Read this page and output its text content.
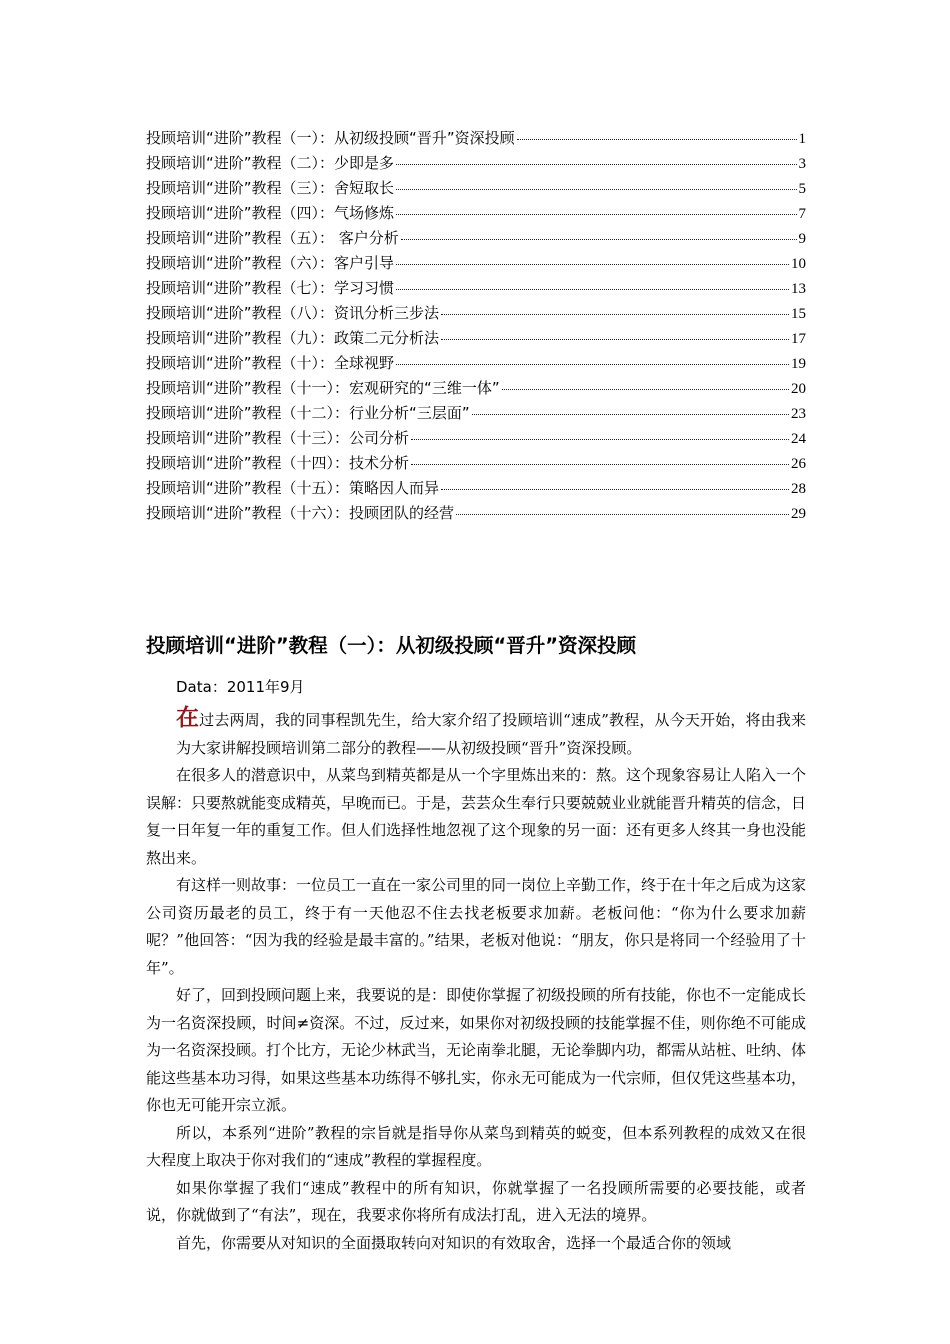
投顾培训“进阶”教程（一）：从初级投顾“晋升”资深投顾	1
投顾培训“进阶”教程（二）：少即是多	3
投顾培训“进阶”教程（三）：舍短取长	5
投顾培训“进阶”教程（四）：气场修炼	7
投顾培训“进阶”教程（五）： 客户分析	9
投顾培训“进阶”教程（六）：客户引导	10
投顾培训“进阶”教程（七）：学习习惯	13
投顾培训“进阶”教程（八）：资讯分析三步法	15
投顾培训“进阶”教程（九）：政策二元分析法	17
投顾培训“进阶”教程（十）：全球视野	19
投顾培训“进阶”教程（十一）：宏观研究的“三维一体”	20
投顾培训“进阶”教程（十二）：行业分析“三层面”	23
投顾培训“进阶”教程（十三）：公司分析	24
投顾培训“进阶”教程（十四）：技术分析	26
投顾培训“进阶”教程（十五）：策略因人而异	28
投顾培训“进阶”教程（十六）：投顾团队的经营	29
投顾培训“进阶”教程（一）：从初级投顾“晋升”资深投顾
Data：2011年9月

在过去两周，我的同事程凯先生，给大家介绍了投顾培训“速成”教程，从今天开始，将由我来为大家讲解投顾培训第二部分的教程——从初级投顾“晋升”资深投顾。

在很多人的潜意识中，从菜鸟到精英都是从一个字里炼出来的：熬。这个现象容易让人陷入一个误解：只要熬就能变成精英，早晚而已。于是，芸芸众生奉行只要兢兢业业就能晋升精英的信念，日复一日年复一年的重复工作。但人们选择性地忽视了这个现象的另一面：还有更多人终其一身也没能熬出来。

有这样一则故事：一位员工一直在一家公司里的同一岗位上辛勤工作，终于在十年之后成为这家公司资历最老的员工，终于有一天他忍不住去找老板要求加薪。老板问他：“你为什么要求加薪呢？”他回答：“因为我的经验是最丰富的。”结果，老板对他说：“朋友，你只是将同一个经验用了十年”。

好了，回到投顾问题上来，我要说的是：即使你掌握了初级投顾的所有技能，你也不一定能成长为一名资深投顾，时间≠资深。不过，反过来，如果你对初级投顾的技能掌握不佳，则你绝不可能成为一名资深投顾。打个比方，无论少林武当，无论南拳北腿，无论拳脚内功，都需从站桩、吐纳、体能这些基本功习得，如果这些基本功练得不够扎实，你永无可能成为一代宗师，但仅凭这些基本功，你也无可能开宗立派。

所以，本系列“进阶”教程的宗旨就是指导你从菜鸟到精英的蜕变，但本系列教程的成效又在很大程度上取决于你对我们的“速成”教程的掌握程度。

如果你掌握了我们“速成”教程中的所有知识，你就掌握了一名投顾所需要的必要技能，或者说，你就做到了“有法”，现在，我要求你将所有成法打乱，进入无法的境界。

首先，你需要从对知识的全面摄取转向对知识的有效取舍，选择一个最适合你的领域
